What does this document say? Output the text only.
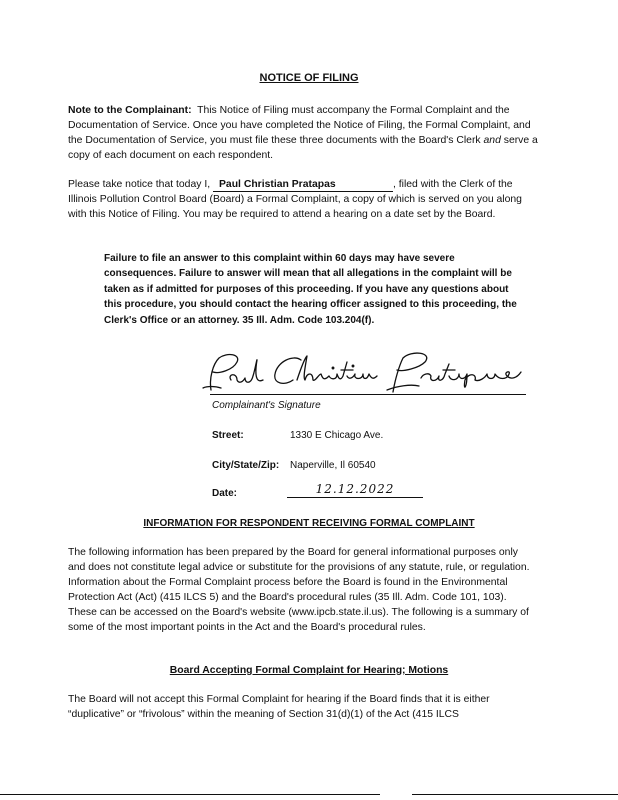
NOTICE OF FILING
Note to the Complainant: This Notice of Filing must accompany the Formal Complaint and the Documentation of Service. Once you have completed the Notice of Filing, the Formal Complaint, and the Documentation of Service, you must file these three documents with the Board's Clerk and serve a copy of each document on each respondent.
Please take notice that today I, Paul Christian Pratapas	, filed with the Clerk of the Illinois Pollution Control Board (Board) a Formal Complaint, a copy of which is served on you along with this Notice of Filing. You may be required to attend a hearing on a date set by the Board.
Failure to file an answer to this complaint within 60 days may have severe consequences. Failure to answer will mean that all allegations in the complaint will be taken as if admitted for purposes of this proceeding. If you have any questions about this procedure, you should contact the hearing officer assigned to this proceeding, the Clerk's Office or an attorney. 35 Ill. Adm. Code 103.204(f).
Complainant's Signature
Street:	1330 E Chicago Ave.
City/State/Zip: Naperville, Il 60540
Date:	12.12.2022
INFORMATION FOR RESPONDENT RECEIVING FORMAL COMPLAINT
The following information has been prepared by the Board for general informational purposes only and does not constitute legal advice or substitute for the provisions of any statute, rule, or regulation. Information about the Formal Complaint process before the Board is found in the Environmental Protection Act (Act) (415 ILCS 5) and the Board's procedural rules (35 Ill. Adm. Code 101, 103). These can be accessed on the Board's website (www.ipcb.state.il.us). The following is a summary of some of the most important points in the Act and the Board's procedural rules.
Board Accepting Formal Complaint for Hearing; Motions
The Board will not accept this Formal Complaint for hearing if the Board finds that it is either “duplicative” or “frivolous” within the meaning of Section 31(d)(1) of the Act (415 ILCS
